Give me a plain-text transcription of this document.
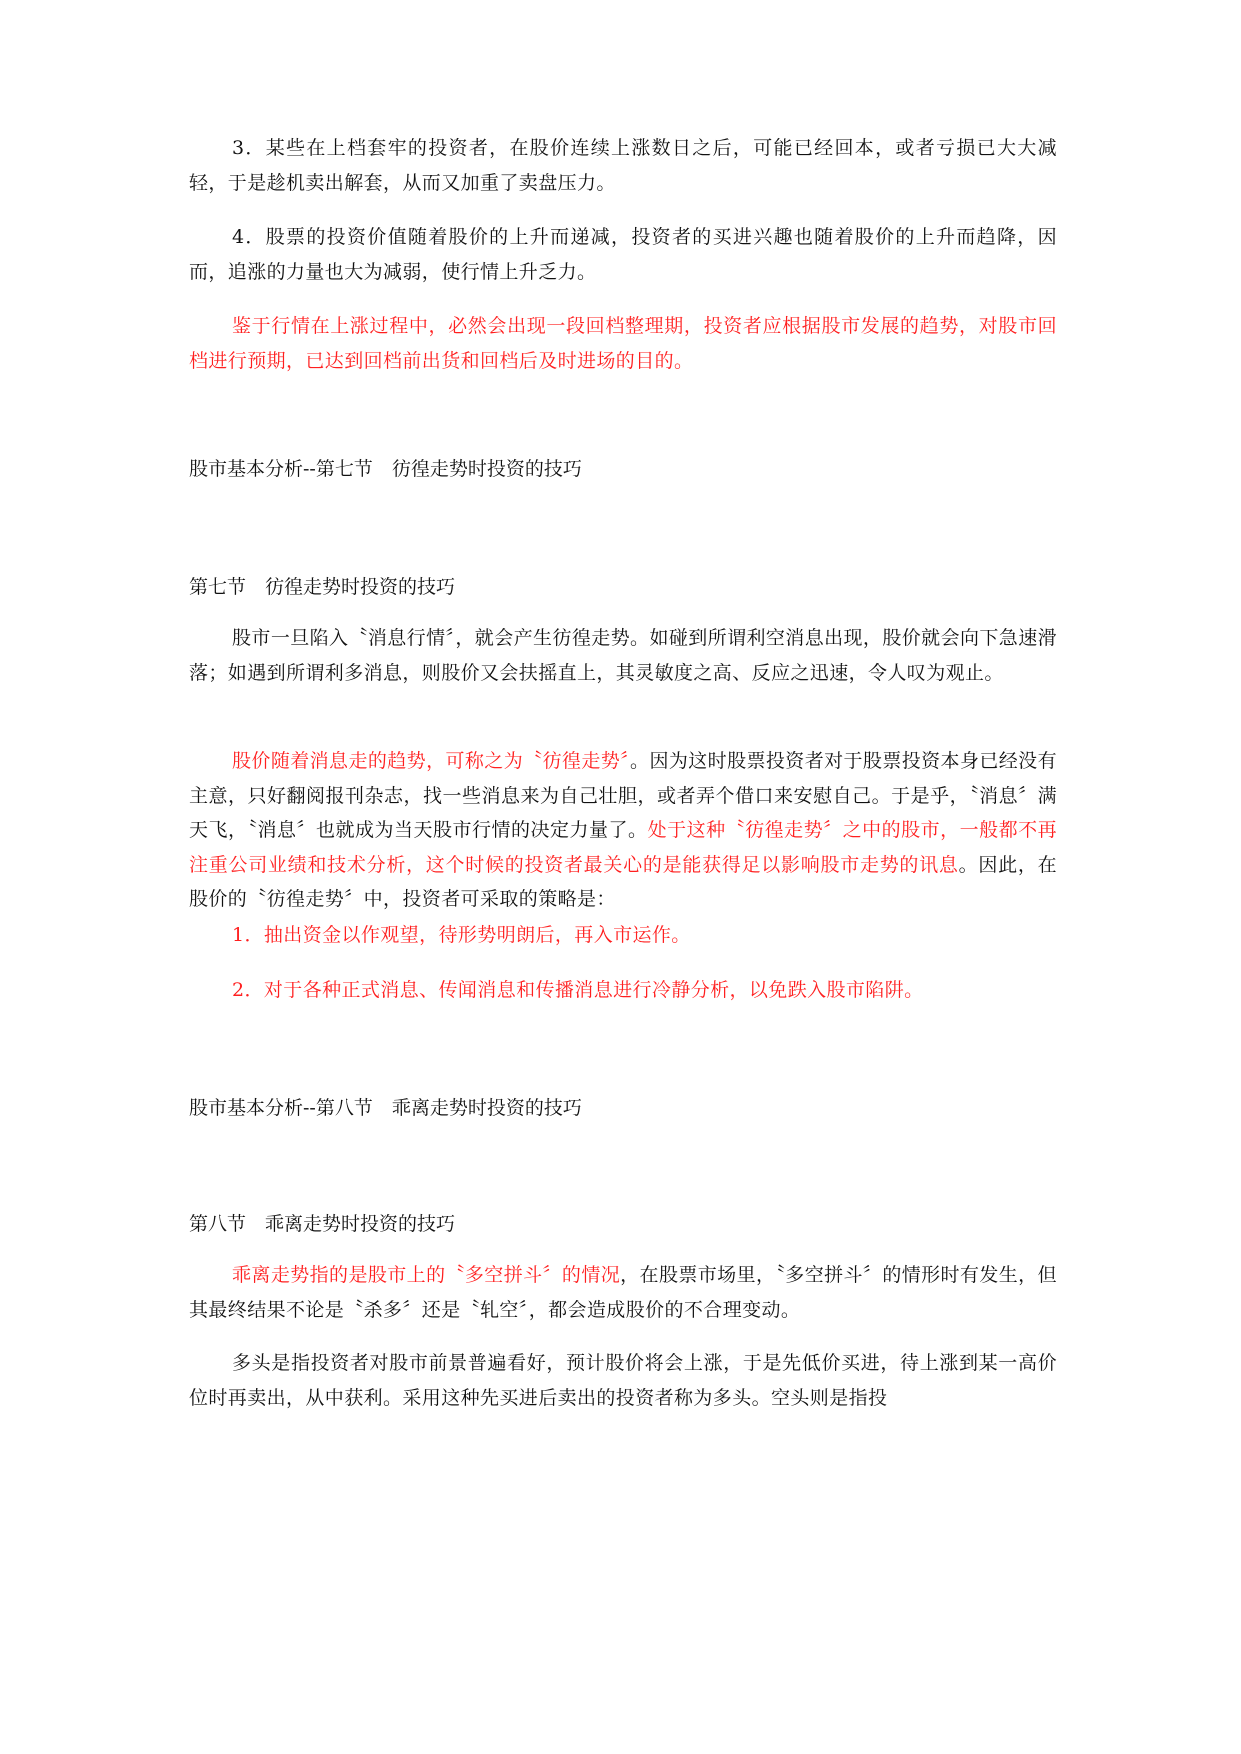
3．某些在上档套牢的投资者，在股价连续上涨数日之后，可能已经回本，或者亏损已大大减轻，于是趁机卖出解套，从而又加重了卖盘压力。

4．股票的投资价值随着股价的上升而递减，投资者的买进兴趣也随着股价的上升而趋降，因而，追涨的力量也大为减弱，使行情上升乏力。

鉴于行情在上涨过程中，必然会出现一段回档整理期，投资者应根据股市发展的趋势，对股市回档进行预期，已达到回档前出货和回档后及时进场的目的。

股市基本分析--第七节　彷徨走势时投资的技巧

第七节　彷徨走势时投资的技巧

股市一旦陷入〝消息行情〞，就会产生彷徨走势。如碰到所谓利空消息出现，股价就会向下急速滑落；如遇到所谓利多消息，则股价又会扶摇直上，其灵敏度之高、反应之迅速，令人叹为观止。

股价随着消息走的趋势，可称之为〝彷徨走势〞。因为这时股票投资者对于股票投资本身已经没有主意，只好翻阅报刊杂志，找一些消息来为自己壮胆，或者弄个借口来安慰自己。于是乎，〝消息〞满天飞，〝消息〞也就成为当天股市行情的决定力量了。处于这种〝彷徨走势〞之中的股市，一般都不再注重公司业绩和技术分析，这个时候的投资者最关心的是能获得足以影响股市走势的讯息。因此，在股价的〝彷徨走势〞中，投资者可采取的策略是：

1．抽出资金以作观望，待形势明朗后，再入市运作。

2．对于各种正式消息、传闻消息和传播消息进行冷静分析，以免跌入股市陷阱。

股市基本分析--第八节　乖离走势时投资的技巧

第八节　乖离走势时投资的技巧

乖离走势指的是股市上的〝多空拼斗〞的情况，在股票市场里，〝多空拼斗〞的情形时有发生，但其最终结果不论是〝杀多〞还是〝轧空〞，都会造成股价的不合理变动。

多头是指投资者对股市前景普遍看好，预计股价将会上涨，于是先低价买进，待上涨到某一高价位时再卖出，从中获利。采用这种先买进后卖出的投资者称为多头。空头则是指投
